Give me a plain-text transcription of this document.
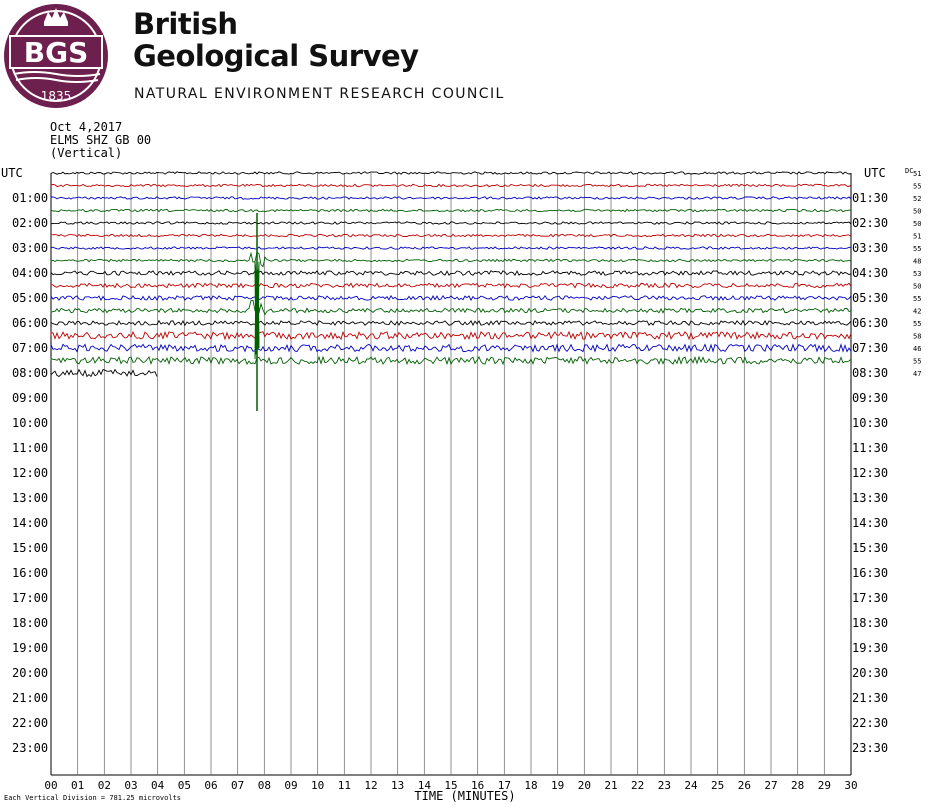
BGS
1835
British
Geological Survey
NATURAL ENVIRONMENT RESEARCH COUNCIL
Oct 4,2017
ELMS SHZ GB 00
(Vertical)
00 01 02 03 04 05 06 07 08 09 10 11 12 13 14 15 16 17 18 19 20 21 22 23 24 25 26 27 28 29 30
TIME (MINUTES)
UTC	UTC	DC
Each Vertical Division = 781.25 microvolts
01:00
02:00
03:00
04:00
05:00
06:00
07:00
08:00
09:00
10:00
11:00
12:00
13:00
14:00
15:00
16:00
17:00
18:00
19:00
20:00
21:00
22:00
23:00
01:30
02:30
03:30
04:30
05:30
06:30
07:30
08:30
09:30
10:30
11:30
12:30
13:30
14:30
15:30
16:30
17:30
18:30
19:30
20:30
21:30
22:30
23:30
51
55
52
50
50
51
55
48
53
50
55
42
55
58
46
55
47
